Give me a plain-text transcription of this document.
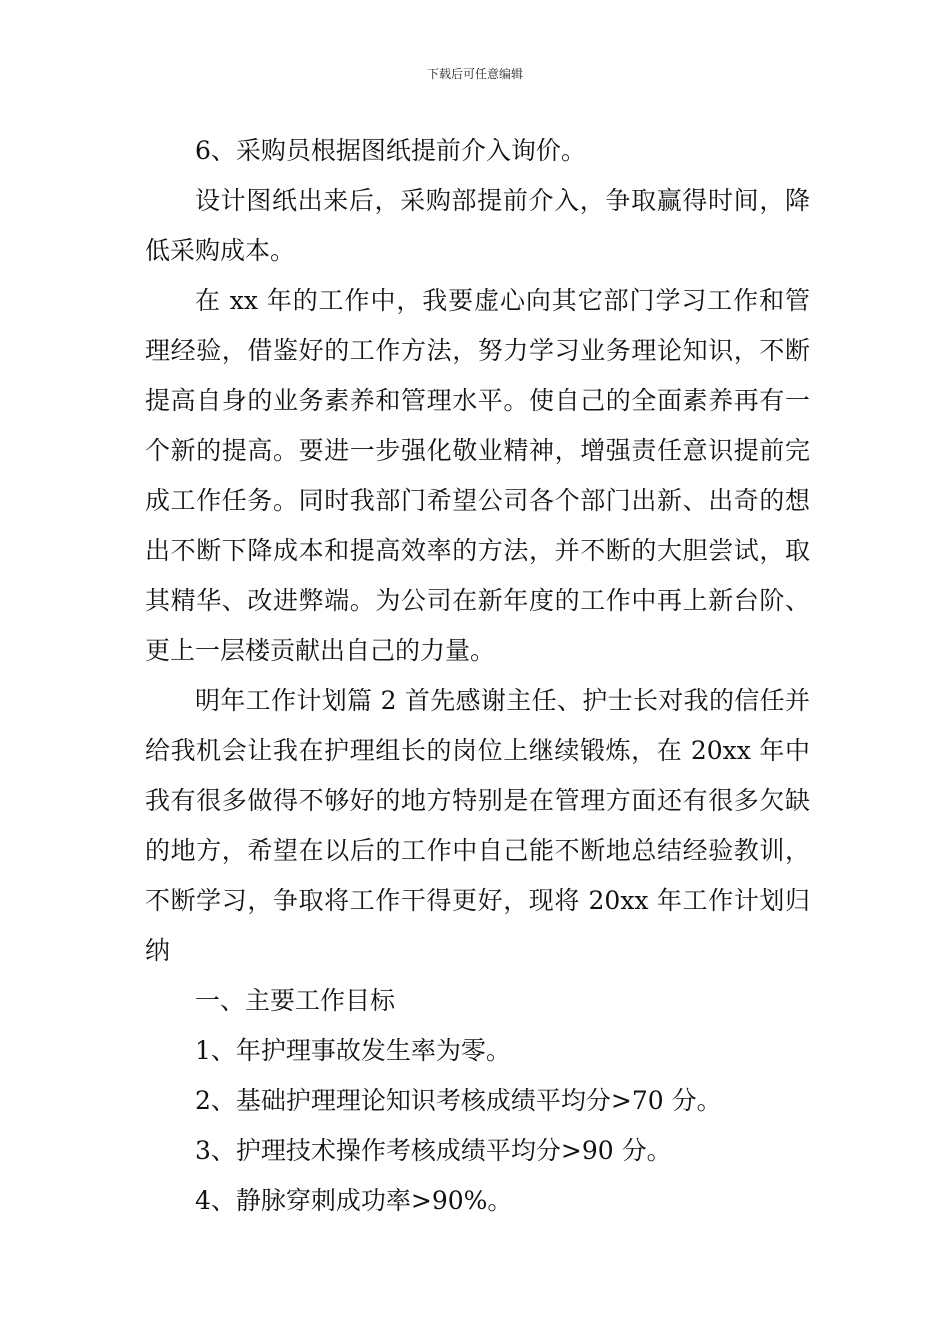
下载后可任意编辑

6、采购员根据图纸提前介入询价。

设计图纸出来后，采购部提前介入，争取赢得时间，降低采购成本。

在 xx 年的工作中，我要虚心向其它部门学习工作和管理经验，借鉴好的工作方法，努力学习业务理论知识，不断提高自身的业务素养和管理水平。使自己的全面素养再有一个新的提高。要进一步强化敬业精神，增强责任意识提前完成工作任务。同时我部门希望公司各个部门出新、出奇的想出不断下降成本和提高效率的方法，并不断的大胆尝试，取其精华、改进弊端。为公司在新年度的工作中再上新台阶、更上一层楼贡献出自己的力量。

明年工作计划篇 2 首先感谢主任、护士长对我的信任并给我机会让我在护理组长的岗位上继续锻炼，在 20xx 年中我有很多做得不够好的地方特别是在管理方面还有很多欠缺的地方，希望在以后的工作中自己能不断地总结经验教训，不断学习，争取将工作干得更好，现将 20xx 年工作计划归纳

一、主要工作目标

1、年护理事故发生率为零。

2、基础护理理论知识考核成绩平均分>70 分。

3、护理技术操作考核成绩平均分>90 分。

4、静脉穿刺成功率>90%。
